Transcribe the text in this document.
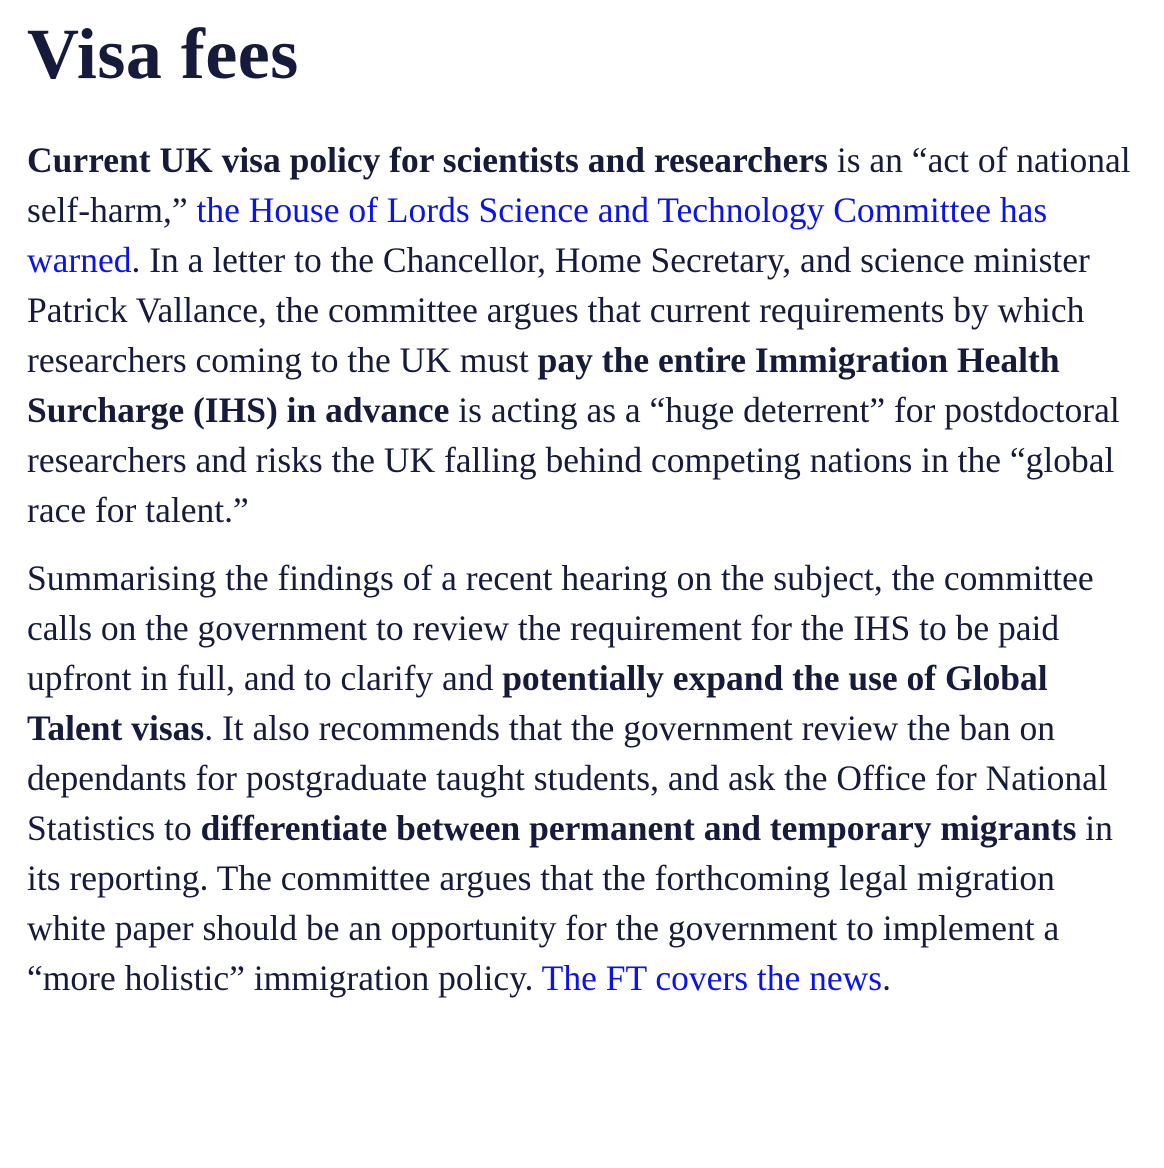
Visa fees

Current UK visa policy for scientists and researchers is an “act of national self-harm,” the House of Lords Science and Technology Committee has warned. In a letter to the Chancellor, Home Secretary, and science minister Patrick Vallance, the committee argues that current requirements by which researchers coming to the UK must pay the entire Immigration Health Surcharge (IHS) in advance is acting as a “huge deterrent” for postdoctoral researchers and risks the UK falling behind competing nations in the “global race for talent.”

Summarising the findings of a recent hearing on the subject, the committee calls on the government to review the requirement for the IHS to be paid upfront in full, and to clarify and potentially expand the use of Global Talent visas. It also recommends that the government review the ban on dependants for postgraduate taught students, and ask the Office for National Statistics to differentiate between permanent and temporary migrants in its reporting. The committee argues that the forthcoming legal migration white paper should be an opportunity for the government to implement a “more holistic” immigration policy. The FT covers the news.
